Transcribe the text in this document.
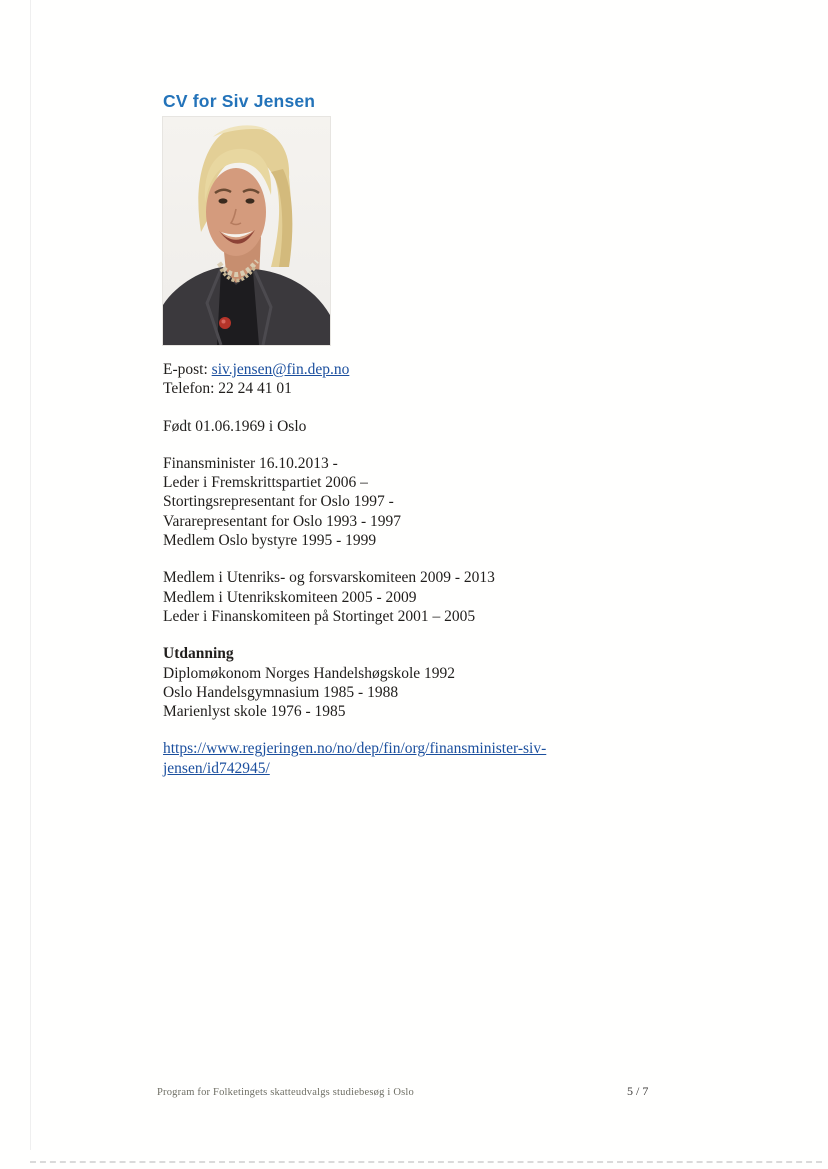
CV for Siv Jensen

E-post: siv.jensen@fin.dep.no
Telefon: 22 24 41 01

Født 01.06.1969 i Oslo

Finansminister 16.10.2013 -
Leder i Fremskrittspartiet 2006 –
Stortingsrepresentant for Oslo 1997 -
Vararepresentant for Oslo 1993 - 1997
Medlem Oslo bystyre 1995 - 1999

Medlem i Utenriks- og forsvarskomiteen 2009 - 2013
Medlem i Utenrikskomiteen 2005 - 2009
Leder i Finanskomiteen på Stortinget 2001 – 2005

Utdanning
Diplomøkonom Norges Handelshøgskole 1992
Oslo Handelsgymnasium 1985 - 1988
Marienlyst skole 1976 - 1985

https://www.regjeringen.no/no/dep/fin/org/finansminister-siv-
jensen/id742945/

Program for Folketingets skatteudvalgs studiebesøg i Oslo	5 / 7
